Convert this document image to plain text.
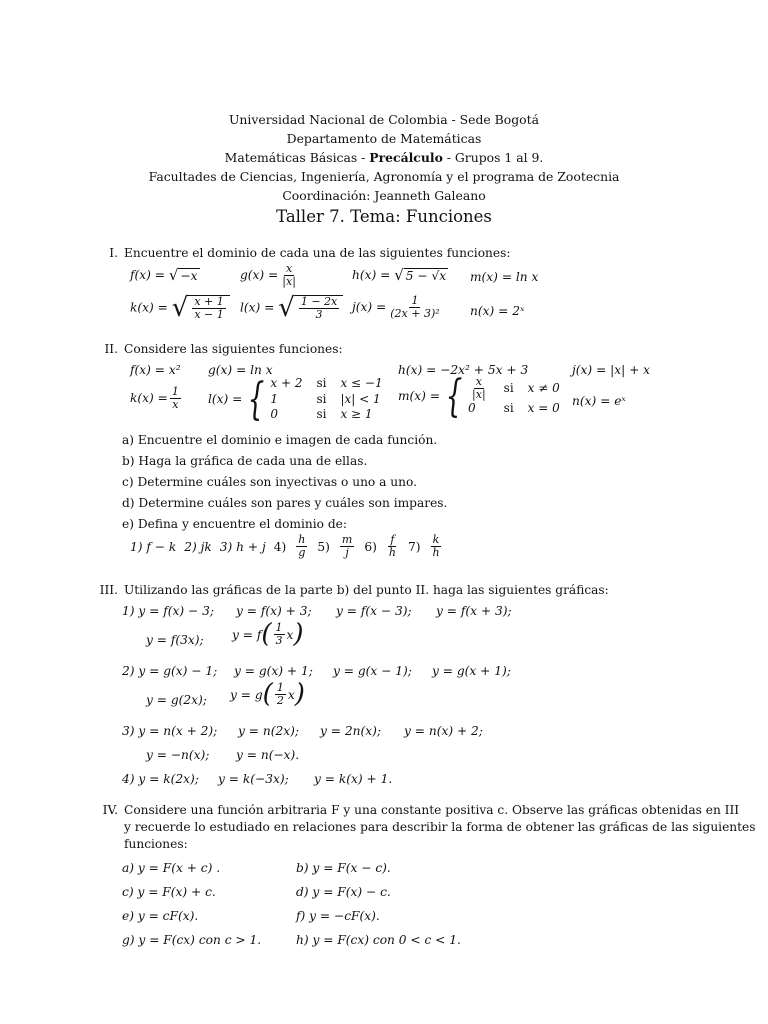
Universidad Nacional de Colombia - Sede Bogotá
Departamento de Matemáticas
Matemáticas Básicas - Precálculo - Grupos 1 al 9.
Facultades de Ciencias, Ingeniería, Agronomía y el programa de Zootecnia
Coordinación: Jeanneth Galeano
Taller 7. Tema: Funciones
I. Encuentre el dominio de cada una de las siguientes funciones:
f(x) = √ −x	$g(x) = \frac{x}{|x|}$	h(x) = √ 5 − √x m(x) = ln x
k(x) = √ $\frac{x + 1}{x - 1} l(x)$ = √ $\frac{1 - 2x}{3} j(x) = \frac{1}{\text{(2x + 3)²}} n(x)$ = 2ˣ
II. Considere las siguientes funciones:
f(x) = x² g(x) = ln x	h(x) = −2x² + 5x + 3	j(x) = |x| + x
$k(x) = \frac{1}{x} l(x)$ = { x + 2 si x ≤ −1
1	si |x| < 1
0	si x ≥ 1
m(x) = { $\frac{x}{|x|}$ si x ≠ 0
0	si x = 0
n(x) = eˣ
a) Encuentre el dominio e imagen de cada función.
b) Haga la gráfica de cada una de ellas.
c) Determine cuáles son inyectivas o uno a uno.
d) Determine cuáles son pares y cuáles son impares.
e) Defina y encuentre el dominio de:
1) f − k 2) jk 3) h + j $4) \frac{h}{g} 5) \frac{m}{j} 6) \frac{f}{h} 7) \frac{k}{h}$
III. Utilizando las gráficas de la parte b) del punto II. haga las siguientes gráficas:
1) y = f(x) − 3; y = f(x) + 3; y = f(x − 3); y = f(x + 3);
y = f(3x); y = f ( $\frac{1}{3}$ x )
2) y = g(x) − 1; y = g(x) + 1; y = g(x − 1); y = g(x + 1);
y = g(2x); y = g ( $\frac{1}{2}$ x )
3) y = n(x + 2); y = n(2x); y = 2n(x); y = n(x) + 2;
y = −n(x); y = n(−x).
4) y = k(2x); y = k(−3x); y = k(x) + 1.
IV. Considere una función arbitraria F y una constante positiva c. Observe las gráficas obtenidas en III
y recuerde lo estudiado en relaciones para describir la forma de obtener las gráficas de las siguientes
funciones:
a) y = F(x + c) .	b) y = F(x − c).
c) y = F(x) + c.	d) y = F(x) − c.
e) y = cF(x).	f) y = −cF(x).
g) y = F(cx) con c > 1.	h) y = F(cx) con 0 < c < 1.
